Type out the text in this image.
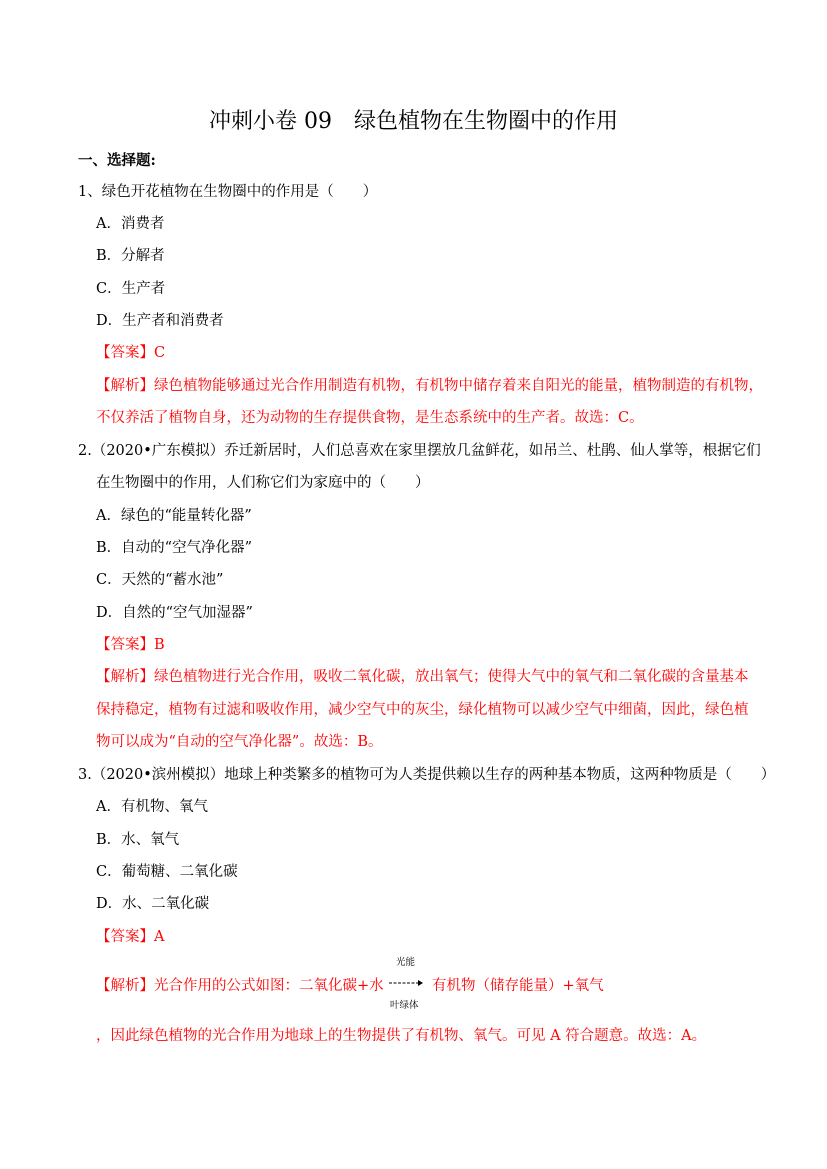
冲刺小卷 09　绿色植物在生物圈中的作用
一、选择题:
1、绿色开花植物在生物圈中的作用是（　　）
A．消费者
B．分解者
C．生产者
D．生产者和消费者
【答案】C
【解析】绿色植物能够通过光合作用制造有机物，有机物中储存着来自阳光的能量，植物制造的有机物，
不仅养活了植物自身，还为动物的生存提供食物，是生态系统中的生产者。故选：C。
2.（2020•广东模拟）乔迁新居时，人们总喜欢在家里摆放几盆鲜花，如吊兰、杜鹃、仙人掌等，根据它们
在生物圈中的作用，人们称它们为家庭中的（　　）
A．绿色的“能量转化器”
B．自动的“空气净化器”
C．天然的“蓄水池”
D．自然的“空气加湿器”
【答案】B
【解析】绿色植物进行光合作用，吸收二氧化碳，放出氧气；使得大气中的氧气和二氧化碳的含量基本
保持稳定，植物有过滤和吸收作用，减少空气中的灰尘，绿化植物可以减少空气中细菌，因此，绿色植
物可以成为“自动的空气净化器”。故选：B。
3.（2020•滨州模拟）地球上种类繁多的植物可为人类提供赖以生存的两种基本物质，这两种物质是（　　）
A．有机物、氧气
B．水、氧气
C．葡萄糖、二氧化碳
D．水、二氧化碳
【答案】A
【解析】光合作用的公式如图：二氧化碳+水
光能
叶绿体
有机物（储存能量）+氧气
，因此绿色植物的光合作用为地球上的生物提供了有机物、氧气。可见 A 符合题意。故选：A。
